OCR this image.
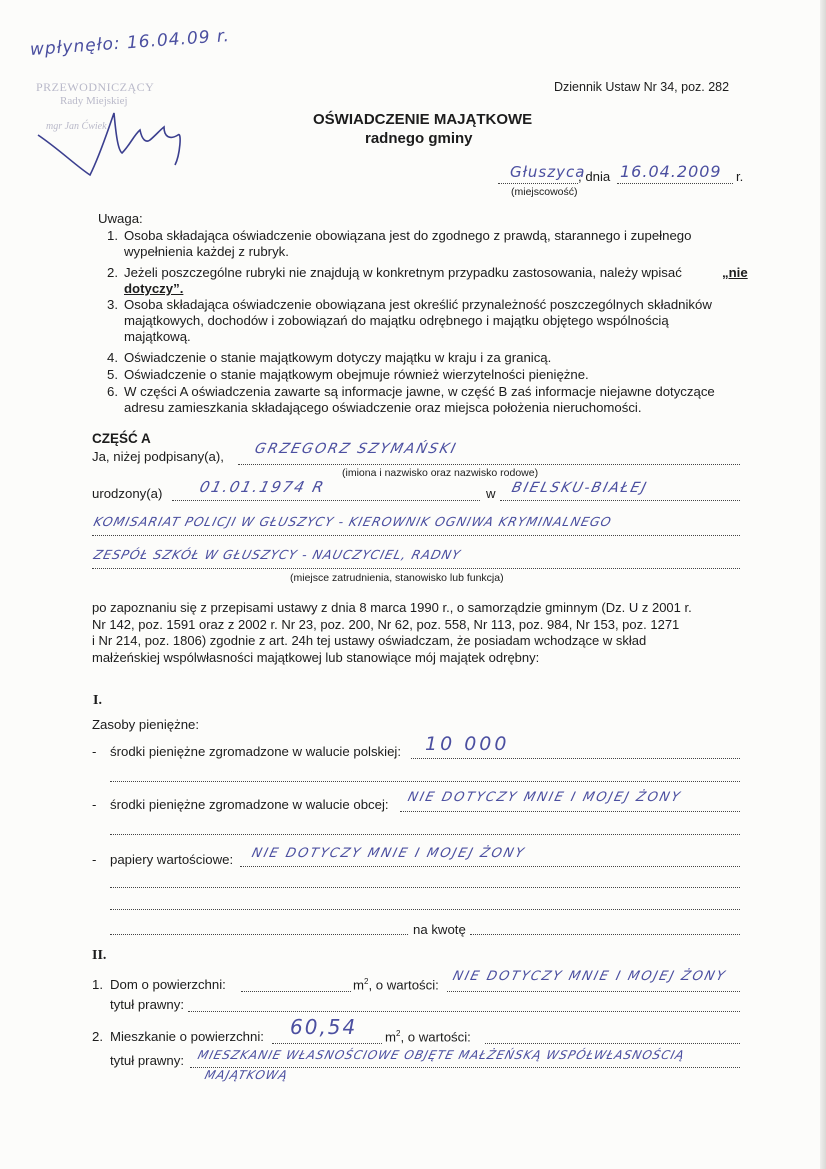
wpłynęło: 16.04.09 r.
PRZEWODNICZĄCY
Rady Miejskiej
mgr Jan Ćwiek
Dziennik Ustaw Nr 34, poz. 282
OŚWIADCZENIE MAJĄTKOWE
radnego gminy
Głuszyca
, dnia 16.04.2009 r.
(miejscowość)
Uwaga:
1. Osoba składająca oświadczenie obowiązana jest do zgodnego z prawdą, starannego i zupełnego
wypełnienia każdej z rubryk.
2. Jeżeli poszczególne rubryki nie znajdują w konkretnym przypadku zastosowania, należy wpisać	„nie
dotyczy”.
3. Osoba składająca oświadczenie obowiązana jest określić przynależność poszczególnych składników
majątkowych, dochodów i zobowiązań do majątku odrębnego i majątku objętego wspólnością
majątkową.
4. Oświadczenie o stanie majątkowym dotyczy majątku w kraju i za granicą.
5. Oświadczenie o stanie majątkowym obejmuje również wierzytelności pieniężne.
6. W części A oświadczenia zawarte są informacje jawne, w część B zaś informacje niejawne dotyczące
adresu zamieszkania składającego oświadczenie oraz miejsca położenia nieruchomości.
CZĘŚĆ A
Ja, niżej podpisany(a), GRZEGORZ SZYMAŃSKI
(imiona i nazwisko oraz nazwisko rodowe)
urodzony(a) 01.01.1974 R	w BIELSKU-BIAŁEJ
KOMISARIAT POLICJI W GŁUSZYCY - KIEROWNIK OGNIWA KRYMINALNEGO
ZESPÓŁ SZKÓŁ W GŁUSZYCY - NAUCZYCIEL, RADNY
(miejsce zatrudnienia, stanowisko lub funkcja)
po zapoznaniu się z przepisami ustawy z dnia 8 marca 1990 r., o samorządzie gminnym (Dz. U z 2001 r.
Nr 142, poz. 1591 oraz z 2002 r. Nr 23, poz. 200, Nr 62, poz. 558, Nr 113, poz. 984, Nr 153, poz. 1271
i Nr 214, poz. 1806) zgodnie z art. 24h tej ustawy oświadczam, że posiadam wchodzące w skład
małżeńskiej wspólwłasności majątkowej lub stanowiące mój majątek odrębny:
I.
Zasoby pieniężne:
- środki pieniężne zgromadzone w walucie polskiej: 10 000
- środki pieniężne zgromadzone w walucie obcej: NIE DOTYCZY MNIE I MOJEJ ŻONY
- papiery wartościowe: NIE DOTYCZY MNIE I MOJEJ ŻONY
na kwotę
II.
1. Dom o powierzchni:	$m^2$, o wartości:
NIE DOTYCZY MNIE I MOJEJ ŻONY
tytuł prawny:
2. Mieszkanie o powierzchni: 60,54 $m^2$, o wartości:
tytuł prawny: MIESZKANIE WŁASNOŚCIOWE OBJĘTE MAŁŻEŃSKĄ WSPÓŁWŁASNOŚCIĄ
MAJĄTKOWĄ
